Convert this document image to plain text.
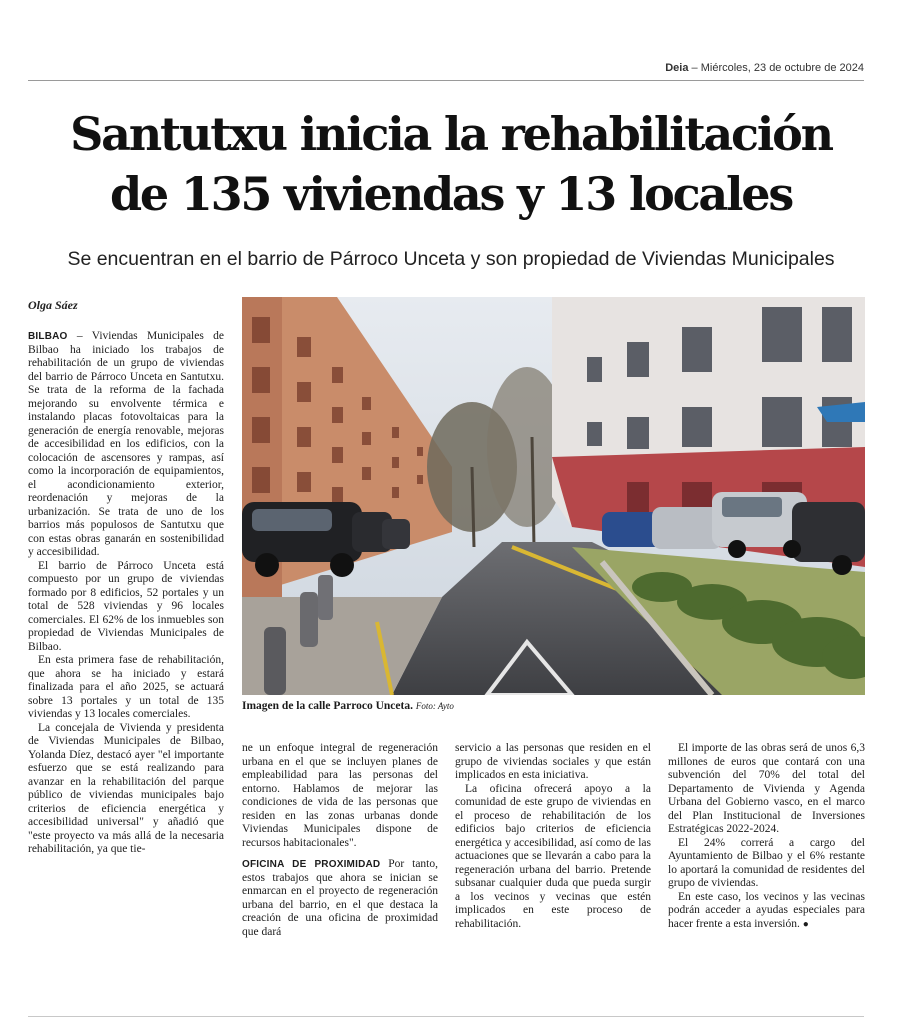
Deia – Miércoles, 23 de octubre de 2024
Santutxu inicia la rehabilitación
de 135 viviendas y 13 locales

Se encuentran en el barrio de Párroco Unceta y son propiedad de Viviendas Municipales

Olga Sáez

BILBAO – Viviendas Municipales de Bilbao ha iniciado los trabajos de rehabilitación de un grupo de viviendas del barrio de Párroco Unceta en Santutxu. Se trata de la reforma de la fachada mejorando su envolvente térmica e instalando placas fotovoltaicas para la generación de energía renovable, mejoras de accesibilidad en los edificios, con la colocación de ascensores y rampas, así como la incorporación de equipamientos, el acondicionamiento exterior, reordenación y mejoras de la urbanización. Se trata de uno de los barrios más populosos de Santutxu que con estas obras ganarán en sostenibilidad y accesibilidad.

El barrio de Párroco Unceta está compuesto por un grupo de viviendas formado por 8 edificios, 52 portales y un total de 528 viviendas y 96 locales comerciales. El 62% de los inmuebles son propiedad de Viviendas Municipales de Bilbao.

En esta primera fase de rehabilitación, que ahora se ha iniciado y estará finalizada para el año 2025, se actuará sobre 13 portales y un total de 135 viviendas y 13 locales comerciales.

La concejala de Vivienda y presidenta de Viviendas Municipales de Bilbao, Yolanda Díez, destacó ayer "el importante esfuerzo que se está realizando para avanzar en la rehabilitación del parque público de viviendas municipales bajo criterios de eficiencia energética y accesibilidad universal" y añadió que "este proyecto va más allá de la necesaria rehabilitación, ya que tie-

Imagen de la calle Parroco Unceta. Foto: Ayto

ne un enfoque integral de regeneración urbana en el que se incluyen planes de empleabilidad para las personas del entorno. Hablamos de mejorar las condiciones de vida de las personas que residen en las zonas urbanas donde Viviendas Municipales dispone de recursos habitacionales".

OFICINA DE PROXIMIDAD Por tanto, estos trabajos que ahora se inician se enmarcan en el proyecto de regeneración urbana del barrio, en el que destaca la creación de una oficina de proximidad que dará

servicio a las personas que residen en el grupo de viviendas sociales y que están implicados en esta iniciativa.

La oficina ofrecerá apoyo a la comunidad de este grupo de viviendas en el proceso de rehabilitación de los edificios bajo criterios de eficiencia energética y accesibilidad, así como de las actuaciones que se llevarán a cabo para la regeneración urbana del barrio. Pretende subsanar cualquier duda que pueda surgir a los vecinos y vecinas que estén implicados en este proceso de rehabilitación.

El importe de las obras será de unos 6,3 millones de euros que contará con una subvención del 70% del total del Departamento de Vivienda y Agenda Urbana del Gobierno vasco, en el marco del Plan Institucional de Inversiones Estratégicas 2022-2024.

El 24% correrá a cargo del Ayuntamiento de Bilbao y el 6% restante lo aportará la comunidad de residentes del grupo de viviendas.

En este caso, los vecinos y las vecinas podrán acceder a ayudas especiales para hacer frente a esta inversión. ●
